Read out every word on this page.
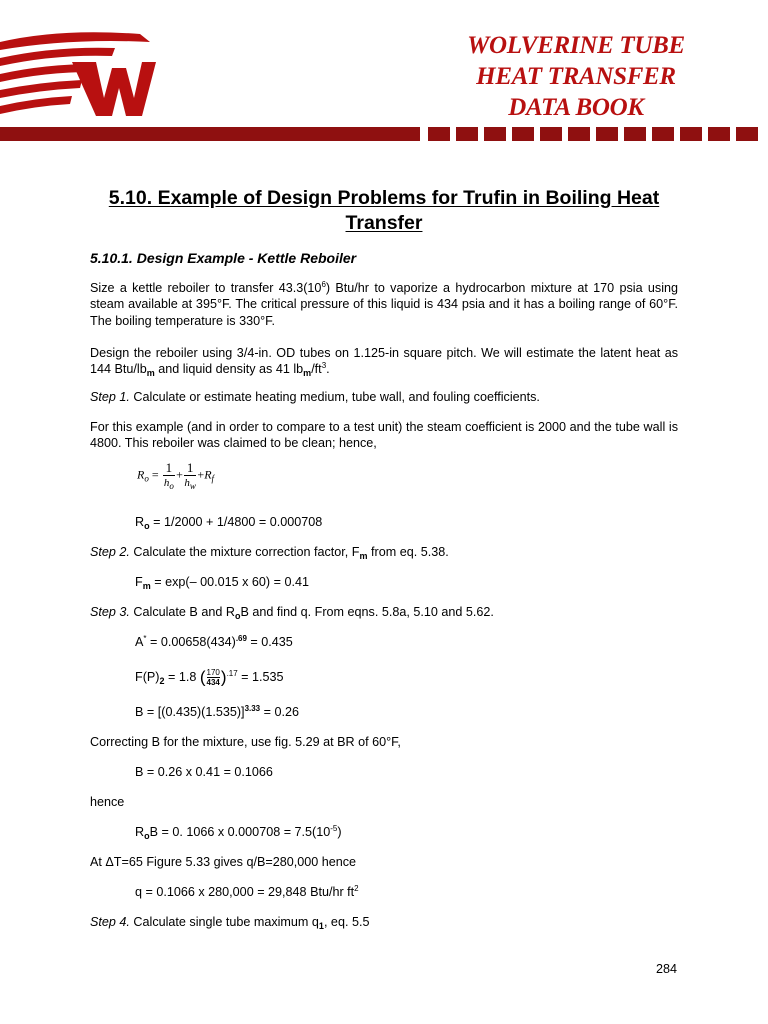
WOLVERINE TUBE
HEAT TRANSFER
DATA BOOK
5.10. Example of Design Problems for Trufin in Boiling Heat Transfer
5.10.1. Design Example - Kettle Reboiler
Size a kettle reboiler to transfer $43.3(10^6)$ Btu/hr to vaporize a hydrocarbon mixture at 170 psia using steam available at 395°F. The critical pressure of this liquid is 434 psia and it has a boiling range of 60°F. The boiling temperature is 330°F.
Design the reboiler using 3/4-in. OD tubes on 1.125-in square pitch. We will estimate the latent heat as 144 Btu/$lb_m$ and liquid density as 41 $lb_m/ft^3$.
Step 1. Calculate or estimate heating medium, tube wall, and fouling coefficients.
For this example (and in order to compare to a test unit) the steam coefficient is 2000 and the tube wall is 4800. This reboiler was claimed to be clean; hence,
$R_o = \frac{1}{h_o} + \frac{1}{h_w} +R_f$
$R_o = 1/2000 + 1/4800 = 0.000708$
Step 2. Calculate the mixture correction factor, $F_m$ from eq. 5.38.
$F_m = \exp(-$ 00.015 x 60) = 0.41
Step 3. Calculate B and $R_oB$ and find q. From eqns. 5.8a, 5.10 and 5.62.
$A^* = 0.00658(434)^{.69} = 0.435$
$F(P)_2 = 1.8$ ( $\frac{170}{434} )^{.17} = 1.535$
$B = [(0.435)(1.535)]^{3.33} = 0.26$
Correcting B for the mixture, use fig. 5.29 at BR of 60°F,
B = 0.26 x 0.41 = 0.1066
hence
$R_oB = 0$. 1066 x $0.000708 = 7.5(10^{-5})$
At ΔT=65 Figure 5.33 gives q/B=280,000 hence
q = 0.1066 x 280,000 = 29,848 Btu/hr $ft^2$
Step 4. Calculate single tube maximum $q_1$, eq. 5.5
284
